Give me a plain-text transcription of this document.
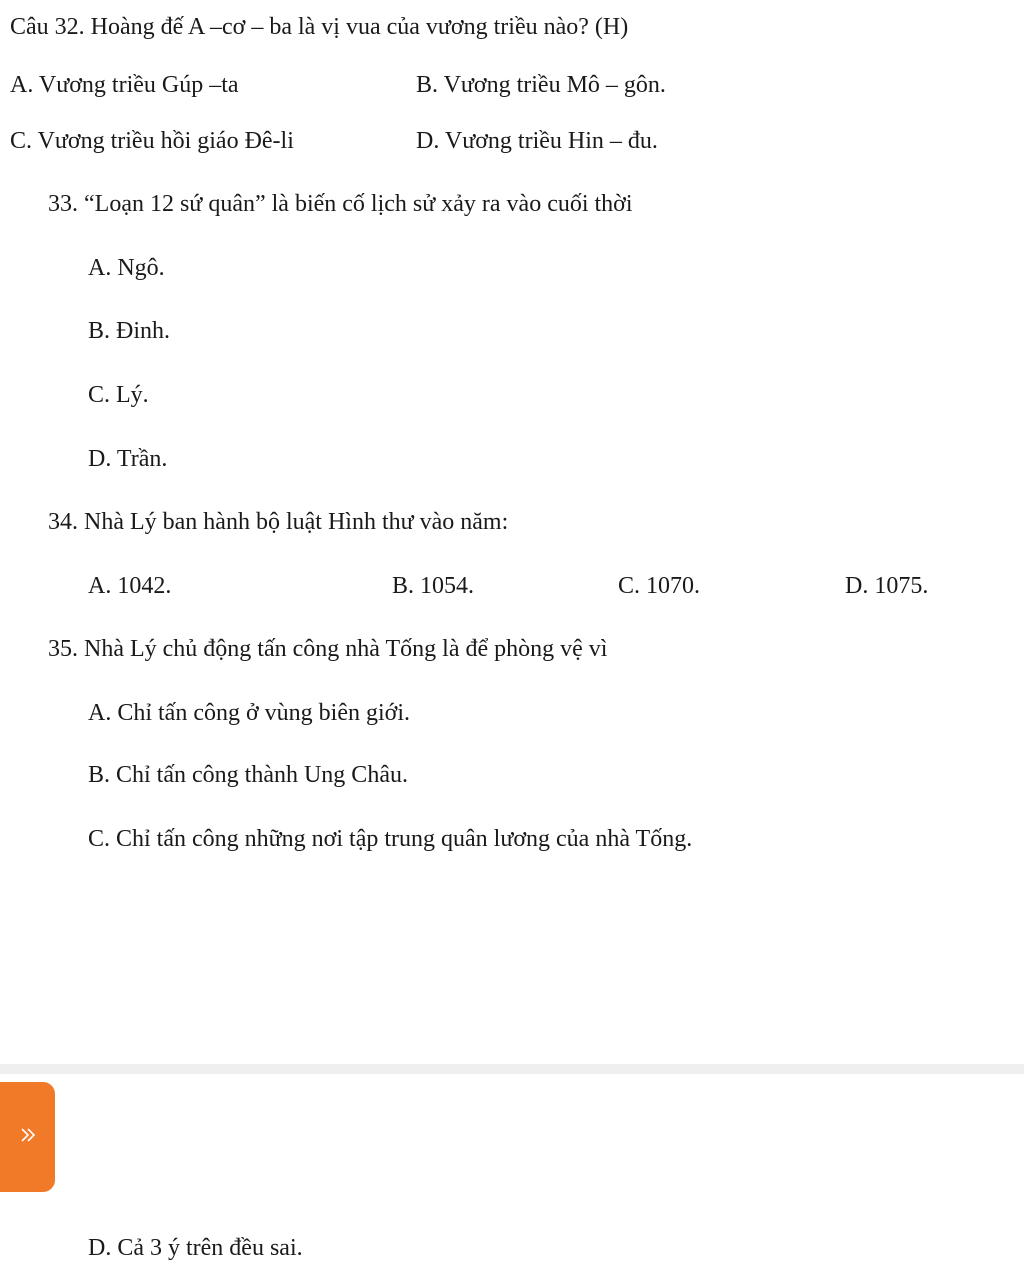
Câu 32. Hoàng đế A –cơ – ba là vị vua của vương triều nào? (H)
A. Vương triều Gúp –ta	B. Vương triều Mô – gôn.
C. Vương triều hồi giáo Đê-li	D. Vương triều Hin – đu.
33. “Loạn 12 sứ quân” là biến cố lịch sử xảy ra vào cuối thời
A. Ngô.
B. Đinh.
C. Lý.
D. Trần.
34. Nhà Lý ban hành bộ luật Hình thư vào năm:
A. 1042.	B. 1054.	C. 1070.	D. 1075.
35. Nhà Lý chủ động tấn công nhà Tống là để phòng vệ vì
A. Chỉ tấn công ở vùng biên giới.
B. Chỉ tấn công thành Ung Châu.
C. Chỉ tấn công những nơi tập trung quân lương của nhà Tống.
D. Cả 3 ý trên đều sai.
